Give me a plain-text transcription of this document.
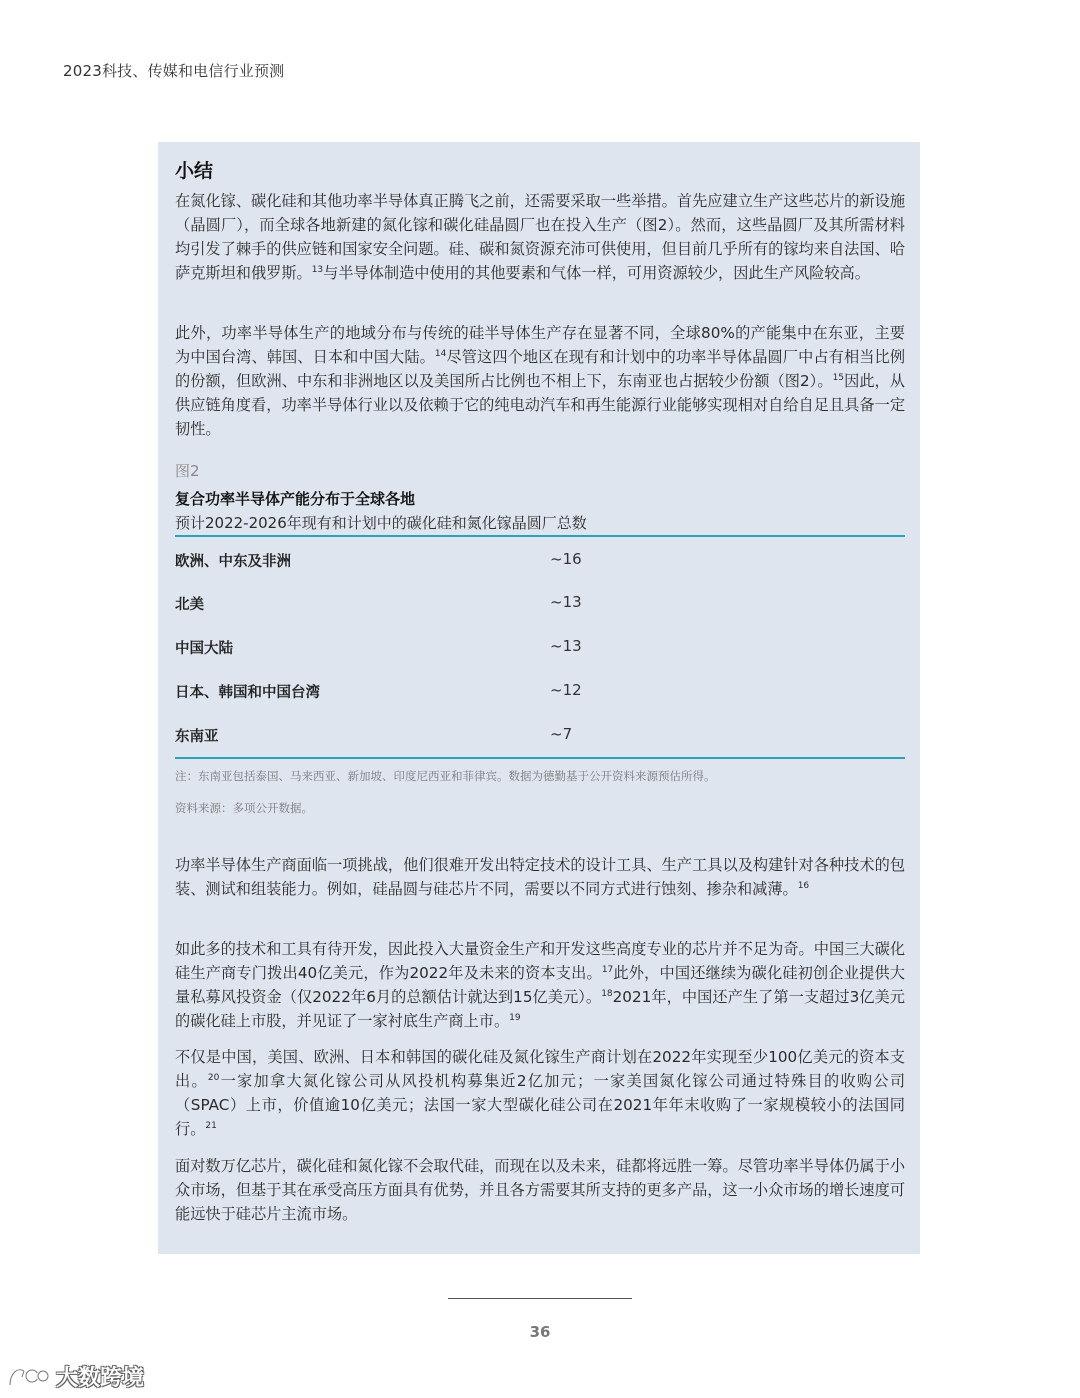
2023科技、传媒和电信行业预测
小结

在氮化镓、碳化硅和其他功率半导体真正腾飞之前，还需要采取一些举措。首先应建立生产这些芯片的新设施（晶圆厂），而全球各地新建的氮化镓和碳化硅晶圆厂也在投入生产（图2）。然而，这些晶圆厂及其所需材料均引发了棘手的供应链和国家安全问题。硅、碳和氮资源充沛可供使用，但目前几乎所有的镓均来自法国、哈萨克斯坦和俄罗斯。$^{13}$与半导体制造中使用的其他要素和气体一样，可用资源较少，因此生产风险较高。

此外，功率半导体生产的地域分布与传统的硅半导体生产存在显著不同，全球80%的产能集中在东亚，主要为中国台湾、韩国、日本和中国大陆。$^{14}$尽管这四个地区在现有和计划中的功率半导体晶圆厂中占有相当比例的份额，但欧洲、中东和非洲地区以及美国所占比例也不相上下，东南亚也占据较少份额（图2）。$^{15}$因此，从供应链角度看，功率半导体行业以及依赖于它的纯电动汽车和再生能源行业能够实现相对自给自足且具备一定韧性。

图2
复合功率半导体产能分布于全球各地
预计2022-2026年现有和计划中的碳化硅和氮化镓晶圆厂总数
欧洲、中东及非洲	~16
北美	~13
中国大陆	~13
日本、韩国和中国台湾	~12
东南亚	~7
注：东南亚包括泰国、马来西亚、新加坡、印度尼西亚和菲律宾。数据为德勤基于公开资料来源预估所得。
资料来源：多项公开数据。

功率半导体生产商面临一项挑战，他们很难开发出特定技术的设计工具、生产工具以及构建针对各种技术的包装、测试和组装能力。例如，硅晶圆与硅芯片不同，需要以不同方式进行蚀刻、掺杂和减薄。$^{16}$

如此多的技术和工具有待开发，因此投入大量资金生产和开发这些高度专业的芯片并不足为奇。中国三大碳化硅生产商专门拨出40亿美元，作为2022年及未来的资本支出。$^{17}$此外，中国还继续为碳化硅初创企业提供大量私募风投资金（仅2022年6月的总额估计就达到15亿美元）。$^{18}$2021年，中国还产生了第一支超过3亿美元的碳化硅上市股，并见证了一家衬底生产商上市。$^{19}$

不仅是中国，美国、欧洲、日本和韩国的碳化硅及氮化镓生产商计划在2022年实现至少100亿美元的资本支出。$^{20}$一家加拿大氮化镓公司从风投机构募集近2亿加元；一家美国氮化镓公司通过特殊目的收购公司（SPAC）上市，价值逾10亿美元；法国一家大型碳化硅公司在2021年年末收购了一家规模较小的法国同行。$^{21}$

面对数万亿芯片，碳化硅和氮化镓不会取代硅，而现在以及未来，硅都将远胜一筹。尽管功率半导体仍属于小众市场，但基于其在承受高压方面具有优势，并且各方需要其所支持的更多产品，这一小众市场的增长速度可能远快于硅芯片主流市场。

36
大数跨境
